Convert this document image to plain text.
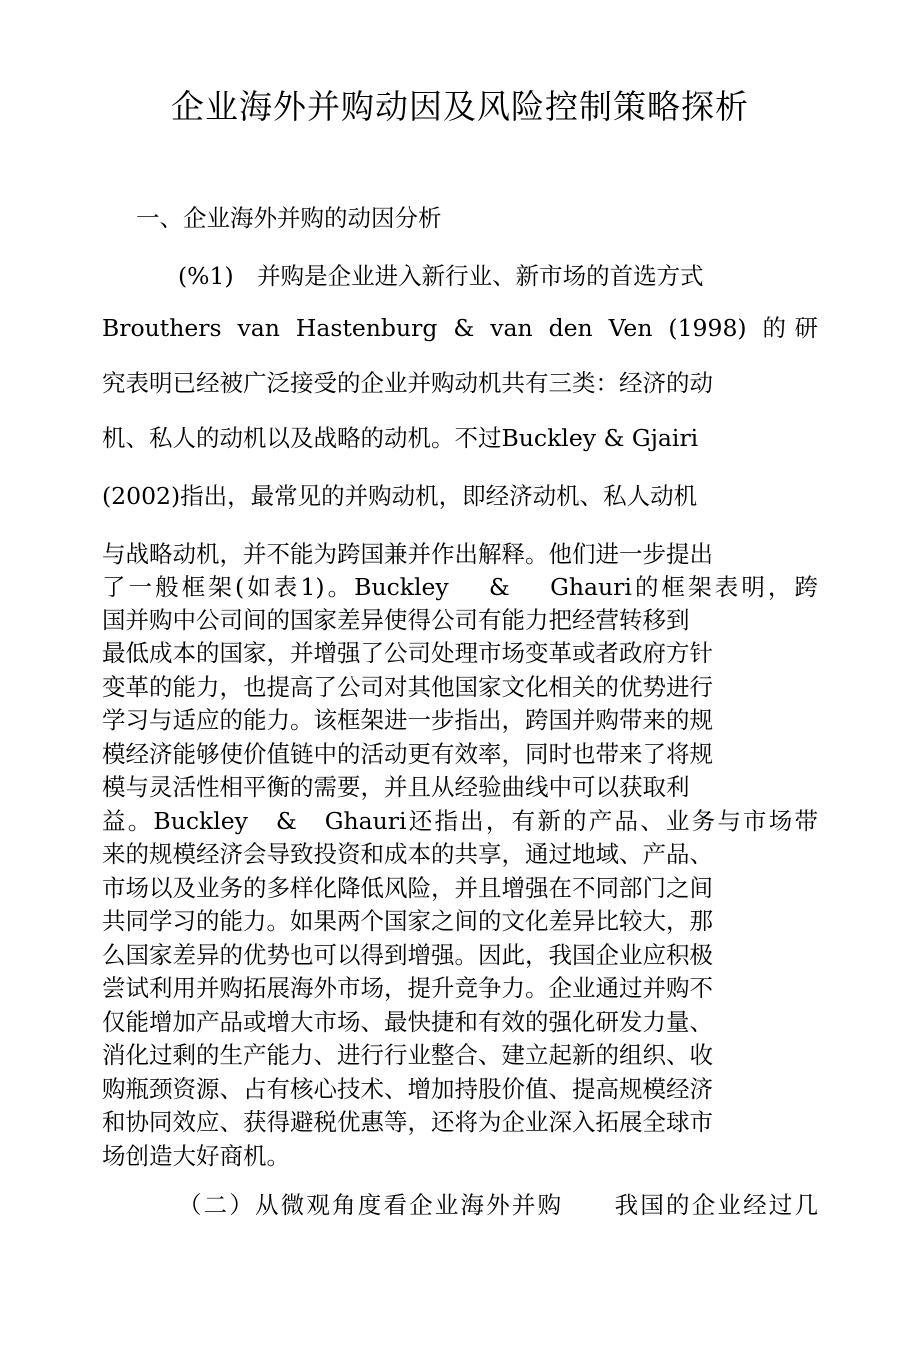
企业海外并购动因及风险控制策略探析
一、企业海外并购的动因分析
(%1)　并购是企业进入新行业、新市场的首选方式
Brouthers van Hastenburg & van den Ven (1998) 的研
究表明已经被广泛接受的企业并购动机共有三类：经济的动
机、私人的动机以及战略的动机。不过Buckley & Gjairi
(2002)指出，最常见的并购动机，即经济动机、私人动机
与战略动机，并不能为跨国兼并作出解释。他们进一步提出
了一般框架(如表1)。Buckley　 &　 Ghauri的框架表明，跨
国并购中公司间的国家差异使得公司有能力把经营转移到
最低成本的国家，并增强了公司处理市场变革或者政府方针
变革的能力，也提高了公司对其他国家文化相关的优势进行
学习与适应的能力。该框架进一步指出，跨国并购带来的规
模经济能够使价值链中的活动更有效率，同时也带来了将规
模与灵活性相平衡的需要，并且从经验曲线中可以获取利
益。Buckley　&　Ghauri还指出，有新的产品、业务与市场带
来的规模经济会导致投资和成本的共享，通过地域、产品、
市场以及业务的多样化降低风险，并且增强在不同部门之间
共同学习的能力。如果两个国家之间的文化差异比较大，那
么国家差异的优势也可以得到增强。因此，我国企业应积极
尝试利用并购拓展海外市场，提升竞争力。企业通过并购不
仅能增加产品或增大市场、最快捷和有效的强化研发力量、
消化过剩的生产能力、进行行业整合、建立起新的组织、收
购瓶颈资源、占有核心技术、增加持股价值、提高规模经济
和协同效应、获得避税优惠等，还将为企业深入拓展全球市
场创造大好商机。
（二）从微观角度看企业海外并购　　我国的企业经过几
